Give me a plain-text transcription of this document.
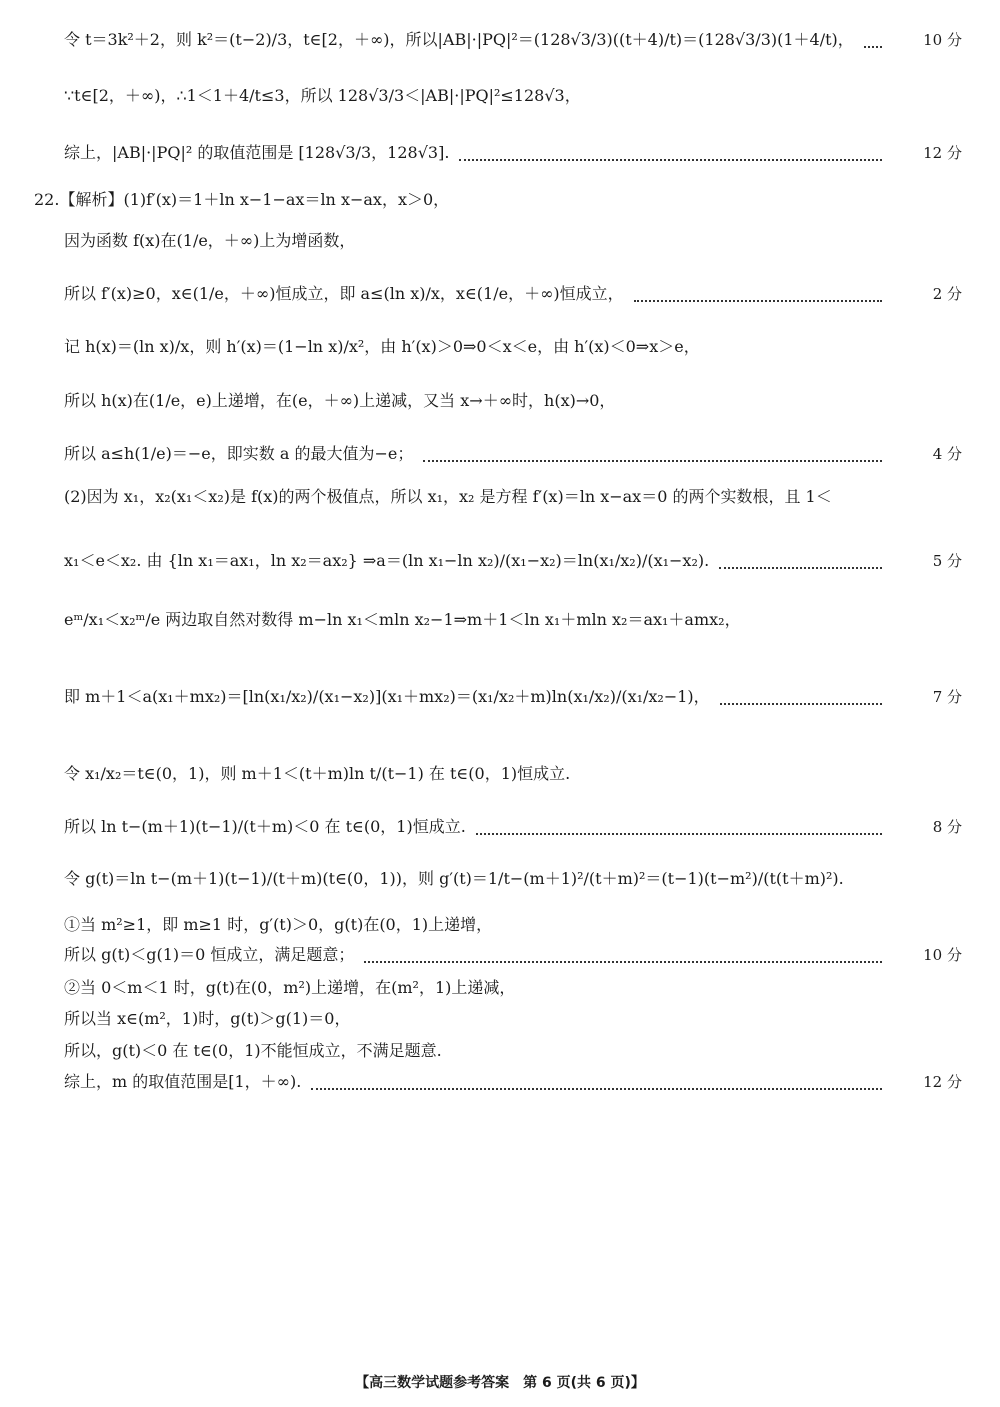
令 t＝3k²＋2，则 k²＝(t−2)/3，t∈[2，＋∞)，所以|AB|·|PQ|²＝(128√3/3)((t＋4)/t)＝(128√3/3)(1＋4/t)，	10 分
∵t∈[2，＋∞)，∴1＜1＋4/t≤3，所以 128√3/3＜|AB|·|PQ|²≤128√3，
综上，|AB|·|PQ|² 的取值范围是 [128√3/3，128√3].	12 分
22.【解析】(1)f′(x)＝1＋ln x−1−ax＝ln x−ax，x＞0，
因为函数 f(x)在(1/e，＋∞)上为增函数，
所以 f′(x)≥0，x∈(1/e，＋∞)恒成立，即 a≤(ln x)/x，x∈(1/e，＋∞)恒成立，	2 分
记 h(x)＝(ln x)/x，则 h′(x)＝(1−ln x)/x²，由 h′(x)＞0⇒0＜x＜e，由 h′(x)＜0⇒x＞e，
所以 h(x)在(1/e，e)上递增，在(e，＋∞)上递减，又当 x→＋∞时，h(x)→0，
所以 a≤h(1/e)＝−e，即实数 a 的最大值为−e；	4 分
(2)因为 x₁，x₂(x₁＜x₂)是 f(x)的两个极值点，所以 x₁，x₂ 是方程 f′(x)＝ln x−ax＝0 的两个实数根，且 1＜
x₁＜e＜x₂. 由 {ln x₁＝ax₁，ln x₂＝ax₂} ⇒a＝(ln x₁−ln x₂)/(x₁−x₂)＝ln(x₁/x₂)/(x₁−x₂).	5 分
eᵐ/x₁＜x₂ᵐ/e 两边取自然对数得 m−ln x₁＜mln x₂−1⇒m＋1＜ln x₁＋mln x₂＝ax₁＋amx₂，
即 m＋1＜a(x₁＋mx₂)＝[ln(x₁/x₂)/(x₁−x₂)](x₁＋mx₂)＝(x₁/x₂＋m)ln(x₁/x₂)/(x₁/x₂−1)，	7 分
令 x₁/x₂＝t∈(0，1)，则 m＋1＜(t＋m)ln t/(t−1) 在 t∈(0，1)恒成立.
所以 ln t−(m＋1)(t−1)/(t＋m)＜0 在 t∈(0，1)恒成立.	8 分
令 g(t)＝ln t−(m＋1)(t−1)/(t＋m)(t∈(0，1))，则 g′(t)＝1/t−(m＋1)²/(t＋m)²＝(t−1)(t−m²)/(t(t＋m)²).
①当 m²≥1，即 m≥1 时，g′(t)＞0，g(t)在(0，1)上递增，
所以 g(t)＜g(1)＝0 恒成立，满足题意；	10 分
②当 0＜m＜1 时，g(t)在(0，m²)上递增，在(m²，1)上递减，
所以当 x∈(m²，1)时，g(t)＞g(1)＝0，
所以，g(t)＜0 在 t∈(0，1)不能恒成立，不满足题意.
综上，m 的取值范围是[1，＋∞).	12 分
【高三数学试题参考答案　第 6 页(共 6 页)】
